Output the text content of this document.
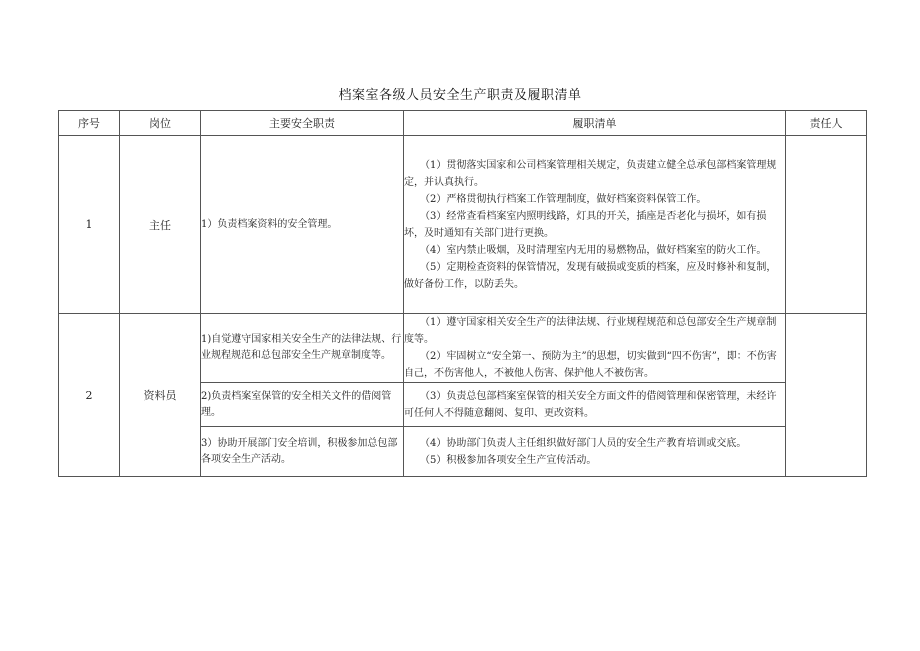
档案室各级人员安全生产职责及履职清单
序号	岗位	主要安全职责	履职清单	责任人
1	主任	1）负责档案资料的安全管理。	（1）贯彻落实国家和公司档案管理相关规定，负责建立健全总承包部档案管理规定，并认真执行。

（2）严格贯彻执行档案工作管理制度，做好档案资料保管工作。

（3）经常查看档案室内照明线路，灯具的开关，插座是否老化与损坏，如有损坏，及时通知有关部门进行更换。

（4）室内禁止吸烟，及时清理室内无用的易燃物品，做好档案室的防火工作。

（5）定期检查资料的保管情况，发现有破损或变质的档案，应及时修补和复制，做好备份工作，以防丢失。	

2	资料员	1)自觉遵守国家相关安全生产的法律法规、行业规程规范和总包部安全生产规章制度等。	（1）遵守国家相关安全生产的法律法规、行业规程规范和总包部安全生产规章制度等。

（2）牢固树立“安全第一、预防为主”的思想，切实做到“四不伤害”，即：不伤害自己，不伤害他人，不被他人伤害、保护他人不被伤害。	

		2)负责档案室保管的安全相关文件的借阅管理。	（3）负责总包部档案室保管的相关安全方面文件的借阅管理和保密管理，未经许可任何人不得随意翻阅、复印、更改资料。	

		3）协助开展部门安全培训，积极参加总包部各项安全生产活动。	（4）协助部门负责人主任组织做好部门人员的安全生产教育培训或交底。

（5）积极参加各项安全生产宣传活动。	
